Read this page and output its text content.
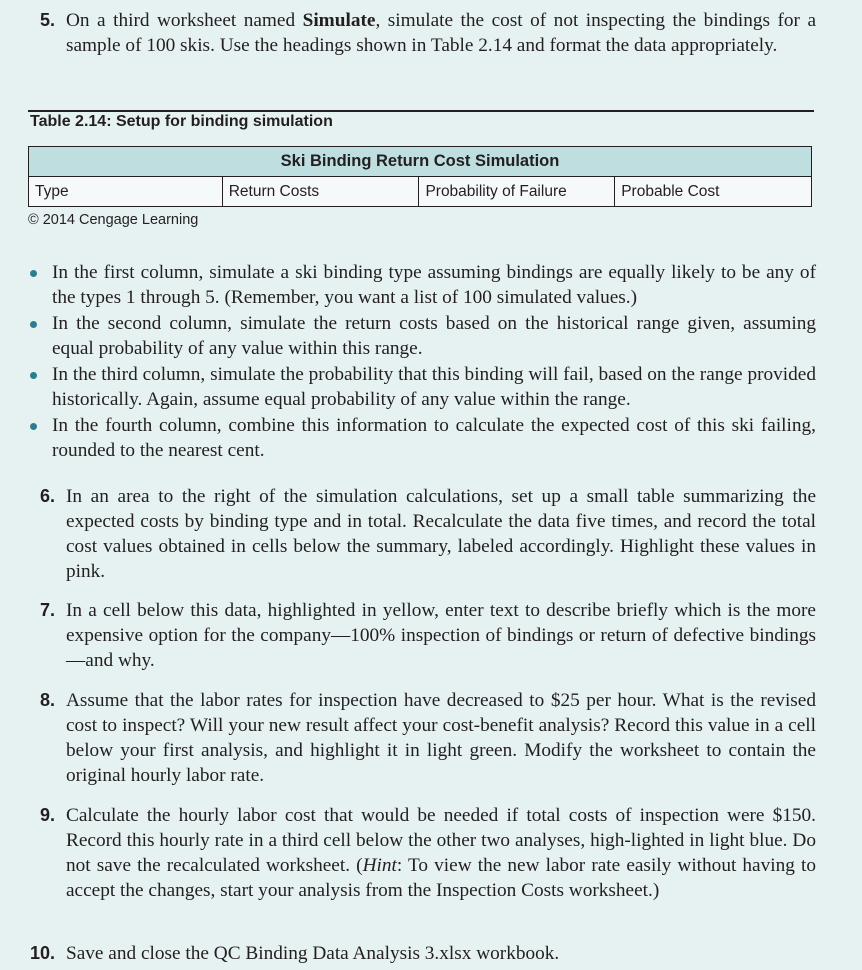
5. On a third worksheet named Simulate, simulate the cost of not inspecting the bindings for a sample of 100 skis. Use the headings shown in Table 2.14 and format the data appropriately.
Table 2.14: Setup for binding simulation
Ski Binding Return Cost Simulation
Type	Return Costs	Probability of Failure	Probable Cost
© 2014 Cengage Learning
In the first column, simulate a ski binding type assuming bindings are equally likely to be any of the types 1 through 5. (Remember, you want a list of 100 simulated values.)
In the second column, simulate the return costs based on the historical range given, assuming equal probability of any value within this range.
In the third column, simulate the probability that this binding will fail, based on the range provided historically. Again, assume equal probability of any value within the range.
In the fourth column, combine this information to calculate the expected cost of this ski failing, rounded to the nearest cent.
6. In an area to the right of the simulation calculations, set up a small table summarizing the expected costs by binding type and in total. Recalculate the data five times, and record the total cost values obtained in cells below the summary, labeled accordingly. Highlight these values in pink.
7. In a cell below this data, highlighted in yellow, enter text to describe briefly which is the more expensive option for the company—100% inspection of bindings or return of defective bindings—and why.
8. Assume that the labor rates for inspection have decreased to $25 per hour. What is the revised cost to inspect? Will your new result affect your cost-benefit analysis? Record this value in a cell below your first analysis, and highlight it in light green. Modify the worksheet to contain the original hourly labor rate.
9. Calculate the hourly labor cost that would be needed if total costs of inspection were $150. Record this hourly rate in a third cell below the other two analyses, high-lighted in light blue. Do not save the recalculated worksheet. (Hint: To view the new labor rate easily without having to accept the changes, start your analysis from the Inspection Costs worksheet.)
10. Save and close the QC Binding Data Analysis 3.xlsx workbook.
